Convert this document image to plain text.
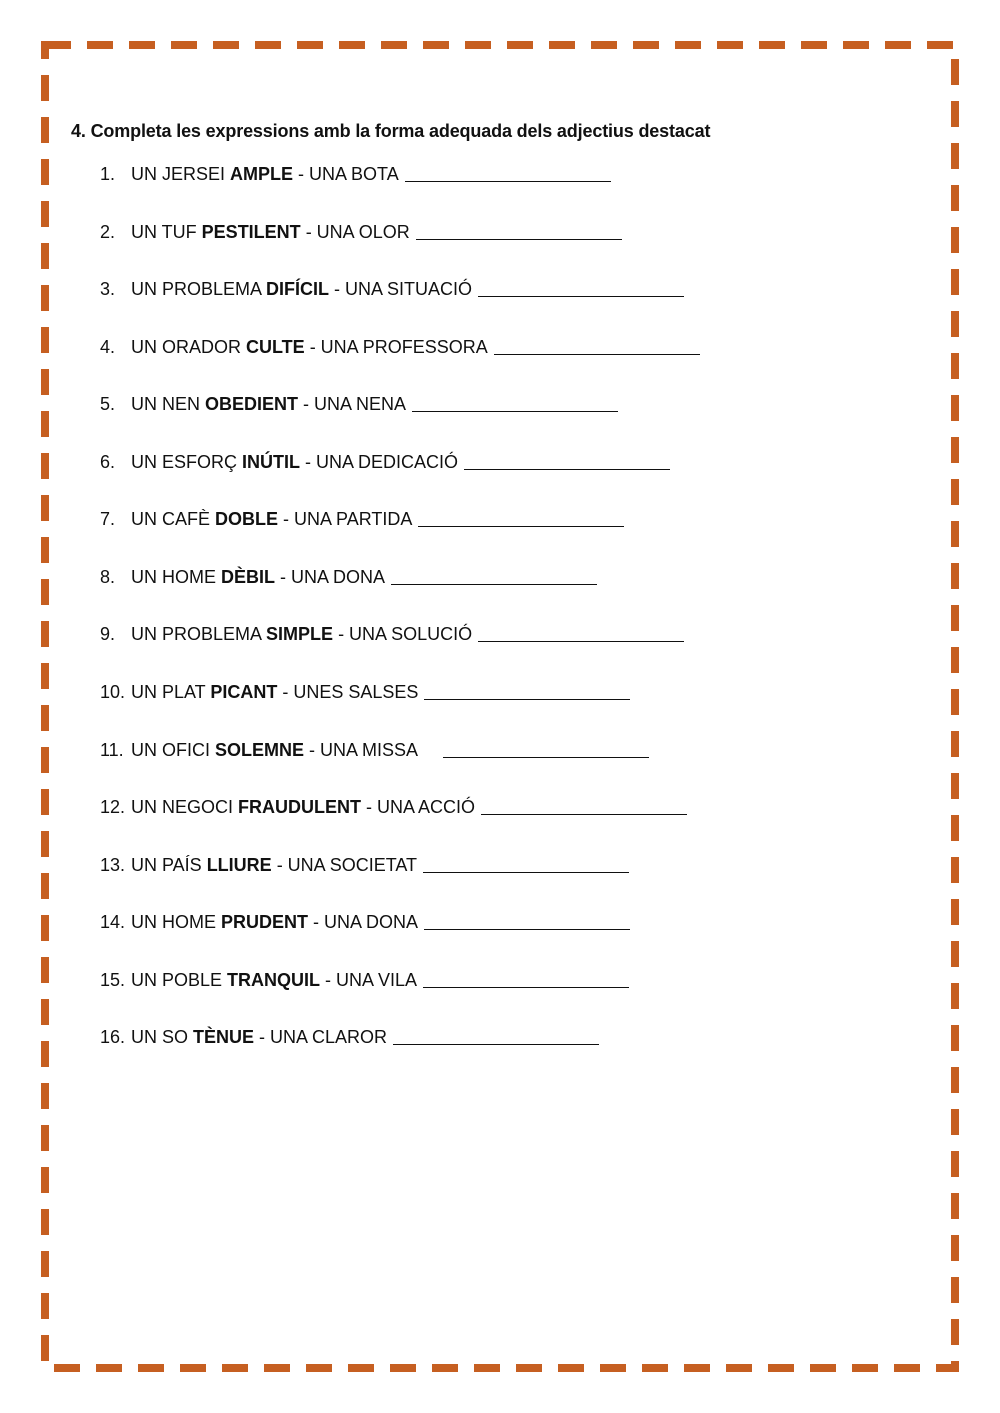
4. Completa les expressions amb la forma adequada dels adjectius destacat
1. UN JERSEI AMPLE - UNA BOTA
2. UN TUF PESTILENT - UNA OLOR
3. UN PROBLEMA DIFÍCIL - UNA SITUACIÓ
4. UN ORADOR CULTE - UNA PROFESSORA
5. UN NEN OBEDIENT - UNA NENA
6. UN ESFORÇ INÚTIL - UNA DEDICACIÓ
7. UN CAFÈ DOBLE - UNA PARTIDA
8. UN HOME DÈBIL - UNA DONA
9. UN PROBLEMA SIMPLE - UNA SOLUCIÓ
10. UN PLAT PICANT - UNES SALSES
11. UN OFICI SOLEMNE - UNA MISSA
12. UN NEGOCI FRAUDULENT - UNA ACCIÓ
13. UN PAÍS LLIURE - UNA SOCIETAT
14. UN HOME PRUDENT - UNA DONA
15. UN POBLE TRANQUIL - UNA VILA
16. UN SO TÈNUE - UNA CLAROR
